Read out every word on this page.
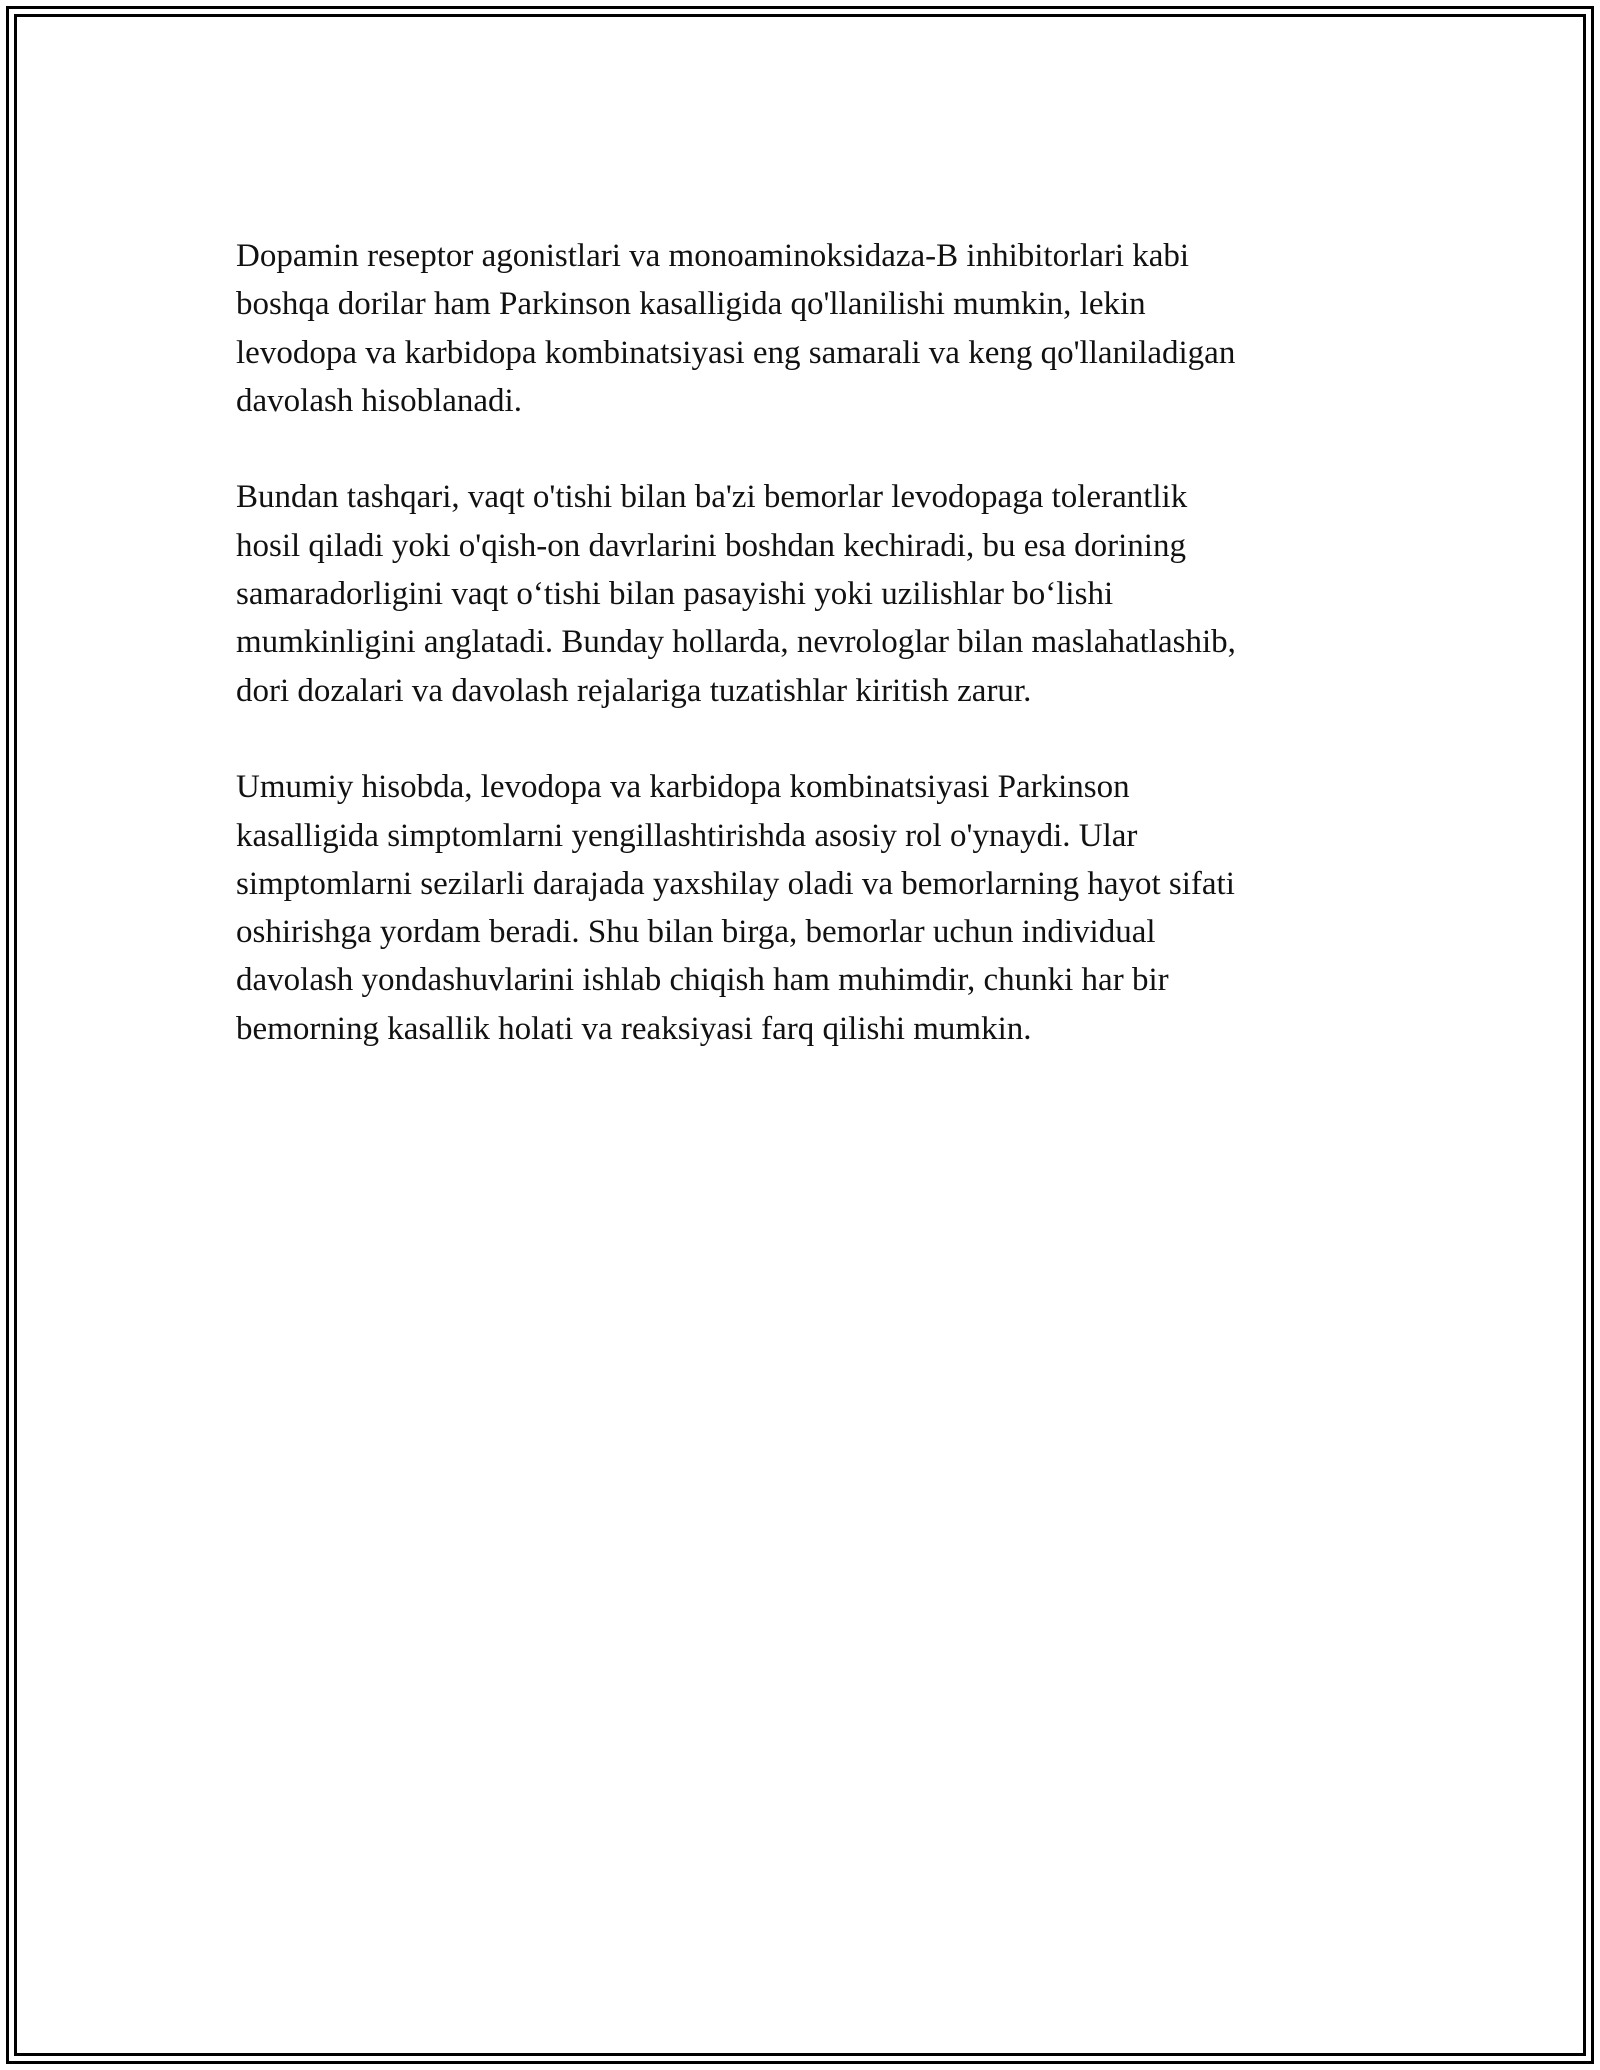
Dopamin reseptor agonistlari va monoaminoksidaza-B inhibitorlari kabi
boshqa dorilar ham Parkinson kasalligida qo'llanilishi mumkin, lekin
levodopa va karbidopa kombinatsiyasi eng samarali va keng qo'llaniladigan
davolash hisoblanadi.

Bundan tashqari, vaqt o'tishi bilan ba'zi bemorlar levodopaga tolerantlik
hosil qiladi yoki o'qish-on davrlarini boshdan kechiradi, bu esa dorining
samaradorligini vaqt o‘tishi bilan pasayishi yoki uzilishlar bo‘lishi
mumkinligini anglatadi. Bunday hollarda, nevrologlar bilan maslahatlashib,
dori dozalari va davolash rejalariga tuzatishlar kiritish zarur.

Umumiy hisobda, levodopa va karbidopa kombinatsiyasi Parkinson
kasalligida simptomlarni yengillashtirishda asosiy rol o'ynaydi. Ular
simptomlarni sezilarli darajada yaxshilay oladi va bemorlarning hayot sifati
oshirishga yordam beradi. Shu bilan birga, bemorlar uchun individual
davolash yondashuvlarini ishlab chiqish ham muhimdir, chunki har bir
bemorning kasallik holati va reaksiyasi farq qilishi mumkin.
